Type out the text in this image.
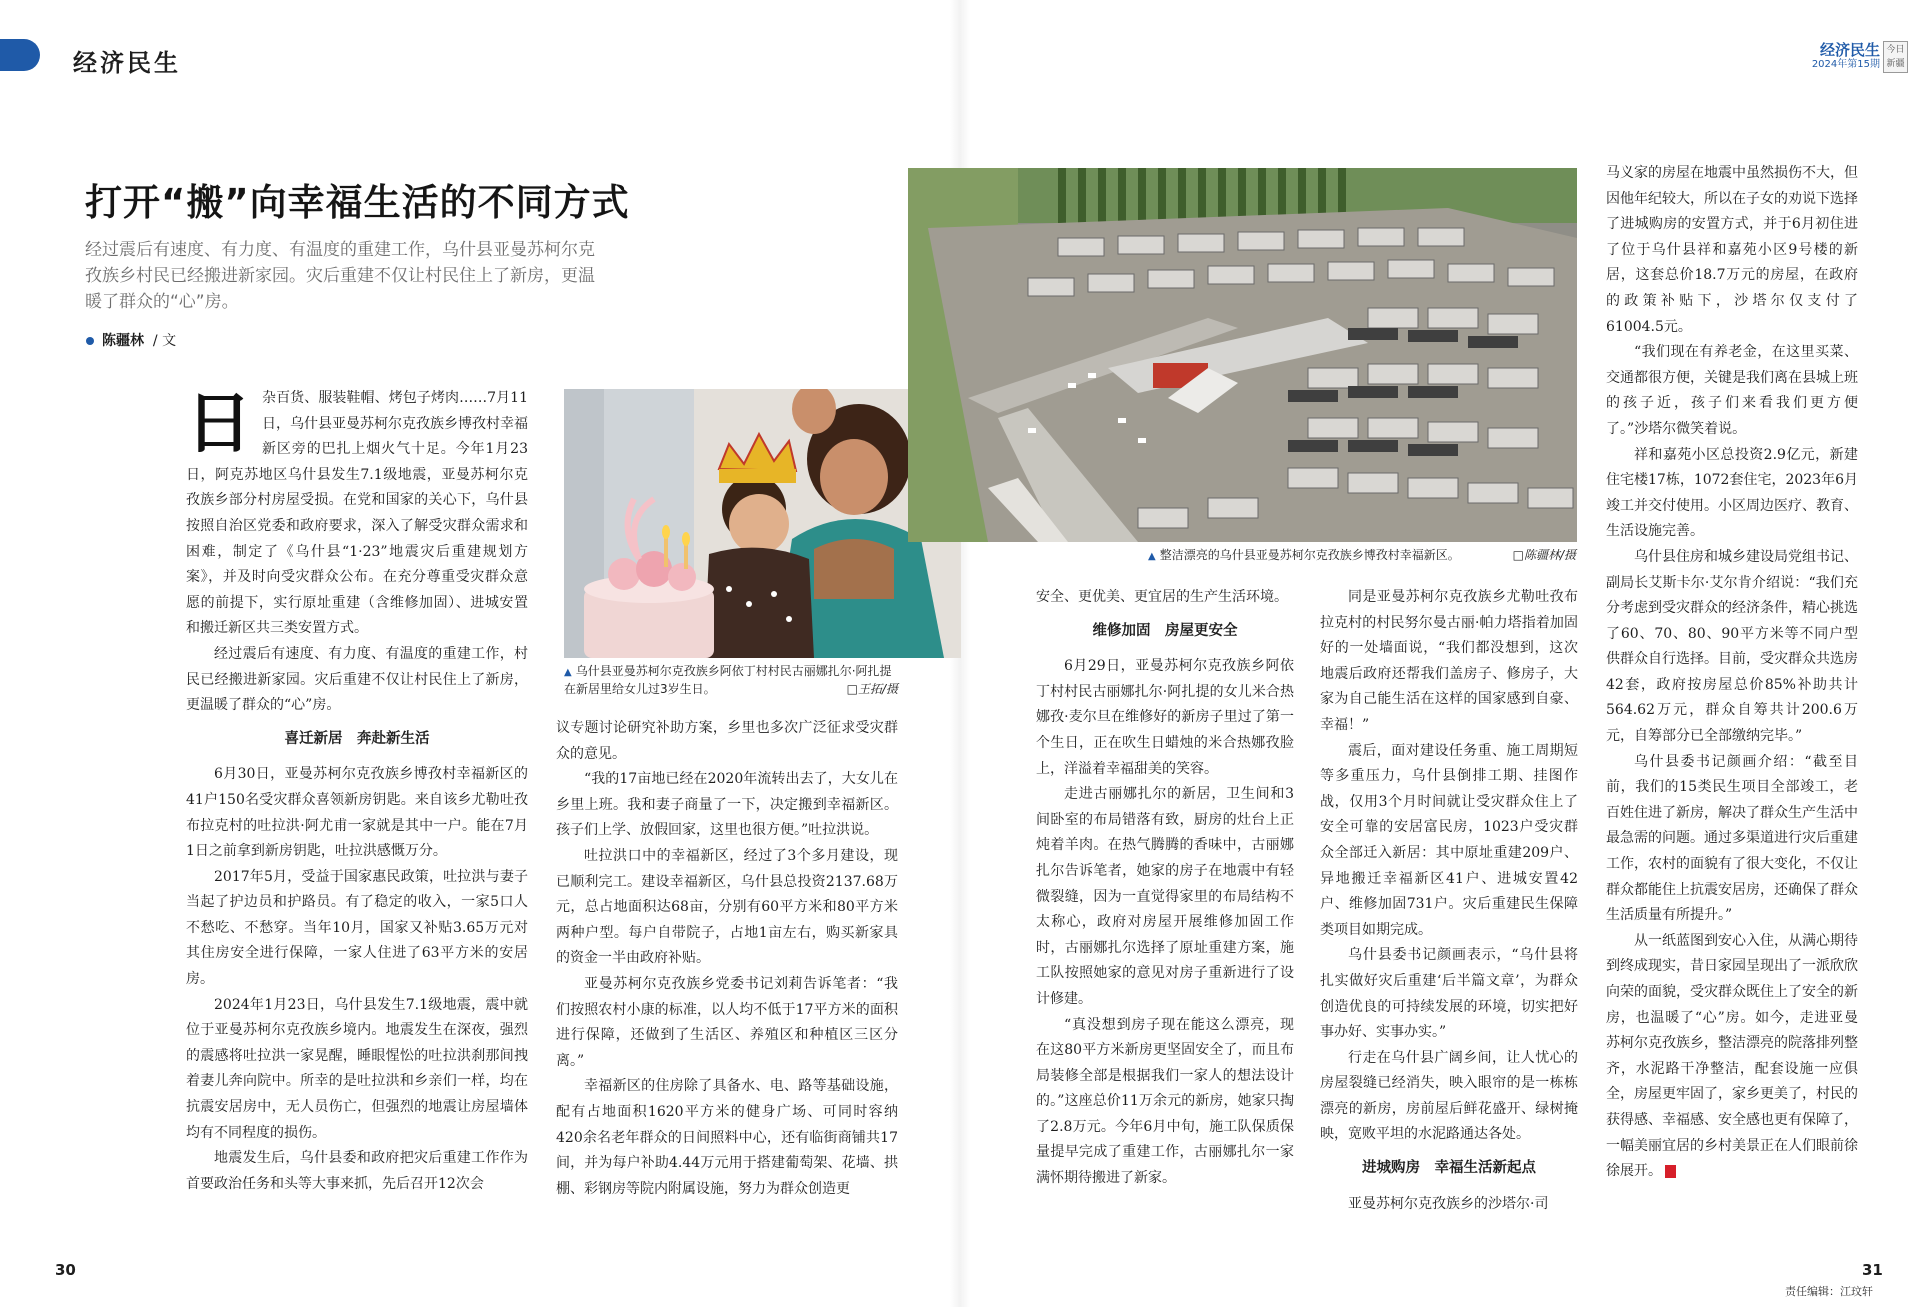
经济民生	经济民生
2024年第15期
今日新疆
打开“搬”向幸福生活的不同方式
经过震后有速度、有力度、有温度的重建工作，乌什县亚曼苏柯尔克孜族乡村民已经搬进新家园。灾后重建不仅让村民住上了新房，更温暖了群众的“心”房。
陈疆林 / 文

日杂百货、服装鞋帽、烤包子烤肉……7月11日，乌什县亚曼苏柯尔克孜族乡博孜村幸福新区旁的巴扎上烟火气十足。今年1月23日，阿克苏地区乌什县发生7.1级地震，亚曼苏柯尔克孜族乡部分村房屋受损。在党和国家的关心下，乌什县按照自治区党委和政府要求，深入了解受灾群众需求和困难，制定了《乌什县“1·23”地震灾后重建规划方案》，并及时向受灾群众公布。在充分尊重受灾群众意愿的前提下，实行原址重建（含维修加固）、进城安置和搬迁新区共三类安置方式。

经过震后有速度、有力度、有温度的重建工作，村民已经搬进新家园。灾后重建不仅让村民住上了新房，更温暖了群众的“心”房。

喜迁新居　奔赴新生活

6月30日，亚曼苏柯尔克孜族乡博孜村幸福新区的41户150名受灾群众喜领新房钥匙。来自该乡尤勒吐孜布拉克村的吐拉洪·阿尤甫一家就是其中一户。能在7月1日之前拿到新房钥匙，吐拉洪感慨万分。

2017年5月，受益于国家惠民政策，吐拉洪与妻子当起了护边员和护路员。有了稳定的收入，一家5口人不愁吃、不愁穿。当年10月，国家又补贴3.65万元对其住房安全进行保障，一家人住进了63平方米的安居房。

2024年1月23日，乌什县发生7.1级地震，震中就位于亚曼苏柯尔克孜族乡境内。地震发生在深夜，强烈的震感将吐拉洪一家晃醒，睡眼惺忪的吐拉洪刹那间拽着妻儿奔向院中。所幸的是吐拉洪和乡亲们一样，均在抗震安居房中，无人员伤亡，但强烈的地震让房屋墙体均有不同程度的损伤。

地震发生后，乌什县委和政府把灾后重建工作作为首要政治任务和头等大事来抓，先后召开12次会

▲ 乌什县亚曼苏柯尔克孜族乡阿依丁村村民古丽娜扎尔·阿扎提在新居里给女儿过3岁生日。	□王拓/摄

议专题讨论研究补助方案，乡里也多次广泛征求受灾群众的意见。

“我的17亩地已经在2020年流转出去了，大女儿在乡里上班。我和妻子商量了一下，决定搬到幸福新区。孩子们上学、放假回家，这里也很方便。”吐拉洪说。

吐拉洪口中的幸福新区，经过了3个多月建设，现已顺利完工。建设幸福新区，乌什县总投资2137.68万元，总占地面积达68亩，分别有60平方米和80平方米两种户型。每户自带院子，占地1亩左右，购买新家具的资金一半由政府补贴。

亚曼苏柯尔克孜族乡党委书记刘莉告诉笔者：“我们按照农村小康的标准，以人均不低于17平方米的面积进行保障，还做到了生活区、养殖区和种植区三区分离。”

幸福新区的住房除了具备水、电、路等基础设施，配有占地面积1620平方米的健身广场、可同时容纳420余名老年群众的日间照料中心，还有临街商铺共17间，并为每户补助4.44万元用于搭建葡萄架、花墙、拱棚、彩钢房等院内附属设施，努力为群众创造更

▲ 整洁漂亮的乌什县亚曼苏柯尔克孜族乡博孜村幸福新区。	□陈疆林/摄

安全、更优美、更宜居的生产生活环境。

维修加固　房屋更安全

6月29日，亚曼苏柯尔克孜族乡阿依丁村村民古丽娜扎尔·阿扎提的女儿米合热娜孜·麦尔旦在维修好的新房子里过了第一个生日，正在吹生日蜡烛的米合热娜孜脸上，洋溢着幸福甜美的笑容。

走进古丽娜扎尔的新居，卫生间和3间卧室的布局错落有致，厨房的灶台上正炖着羊肉。在热气腾腾的香味中，古丽娜扎尔告诉笔者，她家的房子在地震中有轻微裂缝，因为一直觉得家里的布局结构不太称心，政府对房屋开展维修加固工作时，古丽娜扎尔选择了原址重建方案，施工队按照她家的意见对房子重新进行了设计修建。

“真没想到房子现在能这么漂亮，现在这80平方米新房更坚固安全了，而且布局装修全部是根据我们一家人的想法设计的。”这座总价11万余元的新房，她家只掏了2.8万元。今年6月中旬，施工队保质保量提早完成了重建工作，古丽娜扎尔一家满怀期待搬进了新家。

同是亚曼苏柯尔克孜族乡尤勒吐孜布拉克村的村民努尔曼古丽·帕力塔指着加固好的一处墙面说，“我们都没想到，这次地震后政府还帮我们盖房子、修房子，大家为自己能生活在这样的国家感到自豪、幸福！”

震后，面对建设任务重、施工周期短等多重压力，乌什县倒排工期、挂图作战，仅用3个月时间就让受灾群众住上了安全可靠的安居富民房，1023户受灾群众全部迁入新居：其中原址重建209户、异地搬迁幸福新区41户、进城安置42户、维修加固731户。灾后重建民生保障类项目如期完成。

乌什县委书记颜画表示，“乌什县将扎实做好灾后重建‘后半篇文章’，为群众创造优良的可持续发展的环境，切实把好事办好、实事办实。”

行走在乌什县广阔乡间，让人忧心的房屋裂缝已经消失，映入眼帘的是一栋栋漂亮的新房，房前屋后鲜花盛开、绿树掩映，宽败平坦的水泥路通达各处。

进城购房　幸福生活新起点

亚曼苏柯尔克孜族乡的沙塔尔·司

马义家的房屋在地震中虽然损伤不大，但因他年纪较大，所以在子女的劝说下选择了进城购房的安置方式，并于6月初住进了位于乌什县祥和嘉苑小区9号楼的新居，这套总价18.7万元的房屋，在政府的政策补贴下，沙塔尔仅支付了61004.5元。

“我们现在有养老金，在这里买菜、交通都很方便，关键是我们离在县城上班的孩子近，孩子们来看我们更方便了。”沙塔尔微笑着说。

祥和嘉苑小区总投资2.9亿元，新建住宅楼17栋，1072套住宅，2023年6月竣工并交付使用。小区周边医疗、教育、生活设施完善。

乌什县住房和城乡建设局党组书记、副局长艾斯卡尔·艾尔肯介绍说：“我们充分考虑到受灾群众的经济条件，精心挑选了60、70、80、90平方米等不同户型供群众自行选择。目前，受灾群众共选房42套，政府按房屋总价85%补助共计564.62万元，群众自筹共计200.6万元，自筹部分已全部缴纳完毕。”

乌什县委书记颜画介绍：“截至目前，我们的15类民生项目全部竣工，老百姓住进了新房，解决了群众生产生活中最急需的问题。通过多渠道进行灾后重建工作，农村的面貌有了很大变化，不仅让群众都能住上抗震安居房，还确保了群众生活质量有所提升。”

从一纸蓝图到安心入住，从满心期待到终成现实，昔日家园呈现出了一派欣欣向荣的面貌，受灾群众既住上了安全的新房，也温暖了“心”房。如今，走进亚曼苏柯尔克孜族乡，整洁漂亮的院落排列整齐，水泥路干净整洁，配套设施一应俱全，房屋更牢固了，家乡更美了，村民的获得感、幸福感、安全感也更有保障了，一幅美丽宜居的乡村美景正在人们眼前徐徐展开。

30	31
责任编辑：江玟轩
